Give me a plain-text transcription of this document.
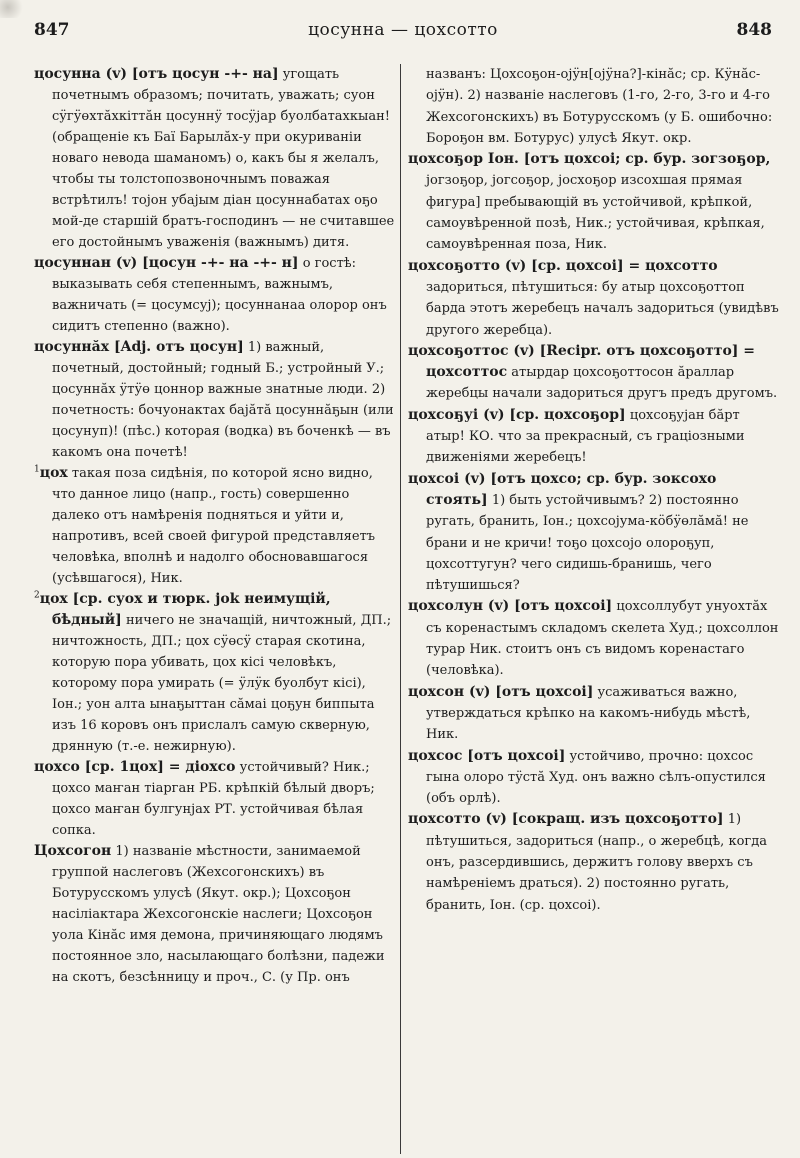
847	цосунна — цохсотто	848

цосунна (v) [отъ цосун -+- на] угощать почетнымъ образомъ; почитать, уважать; суон сӱгӱөхтӑхкіттӑн цосуннӱ тосӱjар буолбатахкыан! (обращеніе къ Бaï Барылӑх-у при окуриваніи новаго невода шаманомъ) о, какъ бы я желалъ, чтобы ты толстопозвоночнымъ поважая встрѣтилъ! тојон убаjым діан цосуннабатах оҕо мой-де старшій братъ-господинъ — не считавшее его достойнымъ уваженія (важнымъ) дитя.

цосуннан (v) [цосун -+- на -+- н] о гостѣ: выказывать себя степеннымъ, важнымъ, важничать (= цосумсуј); цосуннанаа олорор онъ сидитъ степенно (важно).

цосуннӑх [Adj. отъ цосун] 1) важный, почетный, достойный; годный Б.; устройный У.; цосуннӑх ӱтӱө цоннор важные знатные люди. 2) почетность: бочуонактах бајӑтӑ цосуннӑҕын (или цосунуп)! (пѣс.) которая (водка) въ боченкѣ — въ какомъ она почетѣ!

$^1$цох такая поза сидѣнія, по которой ясно видно, что данное лицо (напр., гость) совершенно далеко отъ намѣренія подняться и уйти и, напротивъ, всей своей фигурой представляетъ человѣка, вполнѣ и надолго обосновавшагося (усѣвшагося), Ник.

$^2$цох [ср. суох и тюрк. jok неимущій, бѣдный] ничего не значащій, ничтожный, ДП.; ничтожность, ДП.; цох сӱөсӱ старая скотина, которую пора убивать, цох кісі человѣкъ, которому пора умирать (= ӱлӱк буолбут кісі), Іон.; уон алта ынаҕыттан сӑмаі цоҕун биппыта изъ 16 коровъ онъ прислалъ самую скверную, дрянную (т.-е. нежирную).

цохсо [ср. 1цох] = діохсо устойчивый? Ник.; цохсо маҥан тіарган РБ. крѣпкій бѣлый дворъ; цохсо маҥан булгунjах РТ. устойчивая бѣлая сопка.

Цохсогон 1) названіе мѣстности, занимаемой группой наслеговъ (Жехсогонскихъ) въ Ботурусскомъ улусѣ (Якут. окр.); Цохсоҕон насіліактара Жехсогонскіе наслеги; Цохсоҕон уола Кінӑс имя демона, причиняющаго людямъ постоянное зло, насылающаго болѣзни, падежи на скотъ, безсѣнницу и проч., С. (у Пр. онъ

названъ: Цохсоҕон-ојӱн[ојӱна?]-кінӑс; ср. Кӱнӑс-ојӱн). 2) названіе наслеговъ (1-го, 2-го, 3-го и 4-го Жехсогонскихъ) въ Ботурусскомъ (у Б. ошибочно: Бороҕон вм. Ботурус) улусѣ Якут. окр.

цохсоҕор Іон. [отъ цохсоі; ср. бур. зогзоҕор, јогзоҕор, јогсоҕор, јосхоҕор изсохшая прямая фигура] пребывающій въ устойчивой, крѣпкой, самоувѣренной позѣ, Ник.; устойчивая, крѣпкая, самоувѣренная поза, Ник.

цохсоҕотто (v) [ср. цохсоі] = цохсотто задориться, пѣтушиться: бу атыр цохсоҕоттоп барда этотъ жеребецъ началъ задориться (увидѣвъ другого жеребца).

цохсоҕоттос (v) [Recipr. отъ цохсоҕотто] = цохсоттос атырдар цохсоҕоттосон ӑраллар жеребцы начали задориться другъ предъ другомъ.

цохсоҕуі (v) [ср. цохсоҕор] цохсоҕуjан бӑрт атыр! КО. что за прекрасный, съ граціозными движеніями жеребецъ!

цохсоі (v) [отъ цохсо; ср. бур. зоксохо стоять] 1) быть устойчивымъ? 2) постоянно ругать, бранить, Іон.; цохсоjума-кӧбӱөлӑмӑ! не брани и не кричи! тоҕо цохсоjо олороҕуп, цохсоттугун? чего сидишь-бранишь, чего пѣтушишься?

цохсолун (v) [отъ цохсоі] цохсоллубут унуохтӑх съ коренастымъ складомъ скелета Худ.; цохсоллон турар Ник. стоитъ онъ съ видомъ коренастаго (человѣка).

цохсон (v) [отъ цохсоі] усаживаться важно, утверждаться крѣпко на какомъ-нибудь мѣстѣ, Ник.

цохсос [отъ цохсоі] устойчиво, прочно: цохсос гына олоро тӱстӑ Худ. онъ важно сѣлъ-опустился (объ орлѣ).

цохсотто (v) [сокращ. изъ цохсоҕотто] 1) пѣтушиться, задориться (напр., о жеребцѣ, когда онъ, разсердившись, держитъ голову вверхъ съ намѣреніемъ драться). 2) постоянно ругать, бранить, Іон. (ср. цохсоі).
